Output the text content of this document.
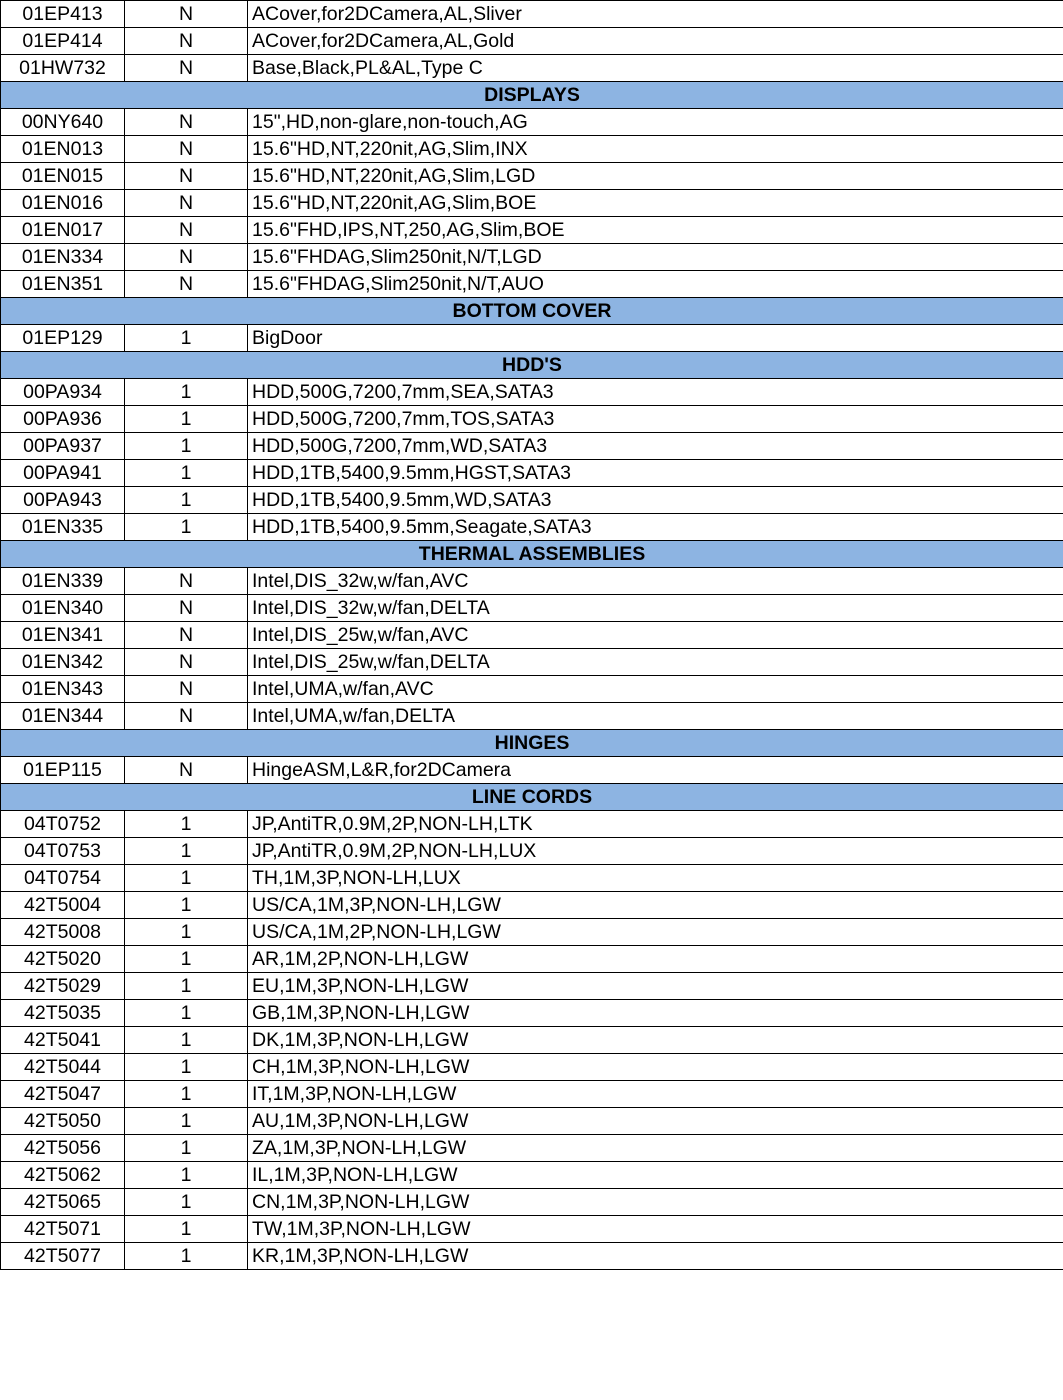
01EP413	N	ACover,for2DCamera,AL,Sliver
01EP414	N	ACover,for2DCamera,AL,Gold
01HW732	N	Base,Black,PL&AL,Type C
DISPLAYS		
00NY640	N	15",HD,non-glare,non-touch,AG
01EN013	N	15.6"HD,NT,220nit,AG,Slim,INX
01EN015	N	15.6"HD,NT,220nit,AG,Slim,LGD
01EN016	N	15.6"HD,NT,220nit,AG,Slim,BOE
01EN017	N	15.6"FHD,IPS,NT,250,AG,Slim,BOE
01EN334	N	15.6"FHDAG,Slim250nit,N/T,LGD
01EN351	N	15.6"FHDAG,Slim250nit,N/T,AUO
BOTTOM COVER		
01EP129	1	BigDoor
HDD'S		
00PA934	1	HDD,500G,7200,7mm,SEA,SATA3
00PA936	1	HDD,500G,7200,7mm,TOS,SATA3
00PA937	1	HDD,500G,7200,7mm,WD,SATA3
00PA941	1	HDD,1TB,5400,9.5mm,HGST,SATA3
00PA943	1	HDD,1TB,5400,9.5mm,WD,SATA3
01EN335	1	HDD,1TB,5400,9.5mm,Seagate,SATA3
THERMAL ASSEMBLIES		
01EN339	N	Intel,DIS_32w,w/fan,AVC
01EN340	N	Intel,DIS_32w,w/fan,DELTA
01EN341	N	Intel,DIS_25w,w/fan,AVC
01EN342	N	Intel,DIS_25w,w/fan,DELTA
01EN343	N	Intel,UMA,w/fan,AVC
01EN344	N	Intel,UMA,w/fan,DELTA
HINGES		
01EP115	N	HingeASM,L&R,for2DCamera
LINE CORDS		
04T0752	1	JP,AntiTR,0.9M,2P,NON-LH,LTK
04T0753	1	JP,AntiTR,0.9M,2P,NON-LH,LUX
04T0754	1	TH,1M,3P,NON-LH,LUX
42T5004	1	US/CA,1M,3P,NON-LH,LGW
42T5008	1	US/CA,1M,2P,NON-LH,LGW
42T5020	1	AR,1M,2P,NON-LH,LGW
42T5029	1	EU,1M,3P,NON-LH,LGW
42T5035	1	GB,1M,3P,NON-LH,LGW
42T5041	1	DK,1M,3P,NON-LH,LGW
42T5044	1	CH,1M,3P,NON-LH,LGW
42T5047	1	IT,1M,3P,NON-LH,LGW
42T5050	1	AU,1M,3P,NON-LH,LGW
42T5056	1	ZA,1M,3P,NON-LH,LGW
42T5062	1	IL,1M,3P,NON-LH,LGW
42T5065	1	CN,1M,3P,NON-LH,LGW
42T5071	1	TW,1M,3P,NON-LH,LGW
42T5077	1	KR,1M,3P,NON-LH,LGW
